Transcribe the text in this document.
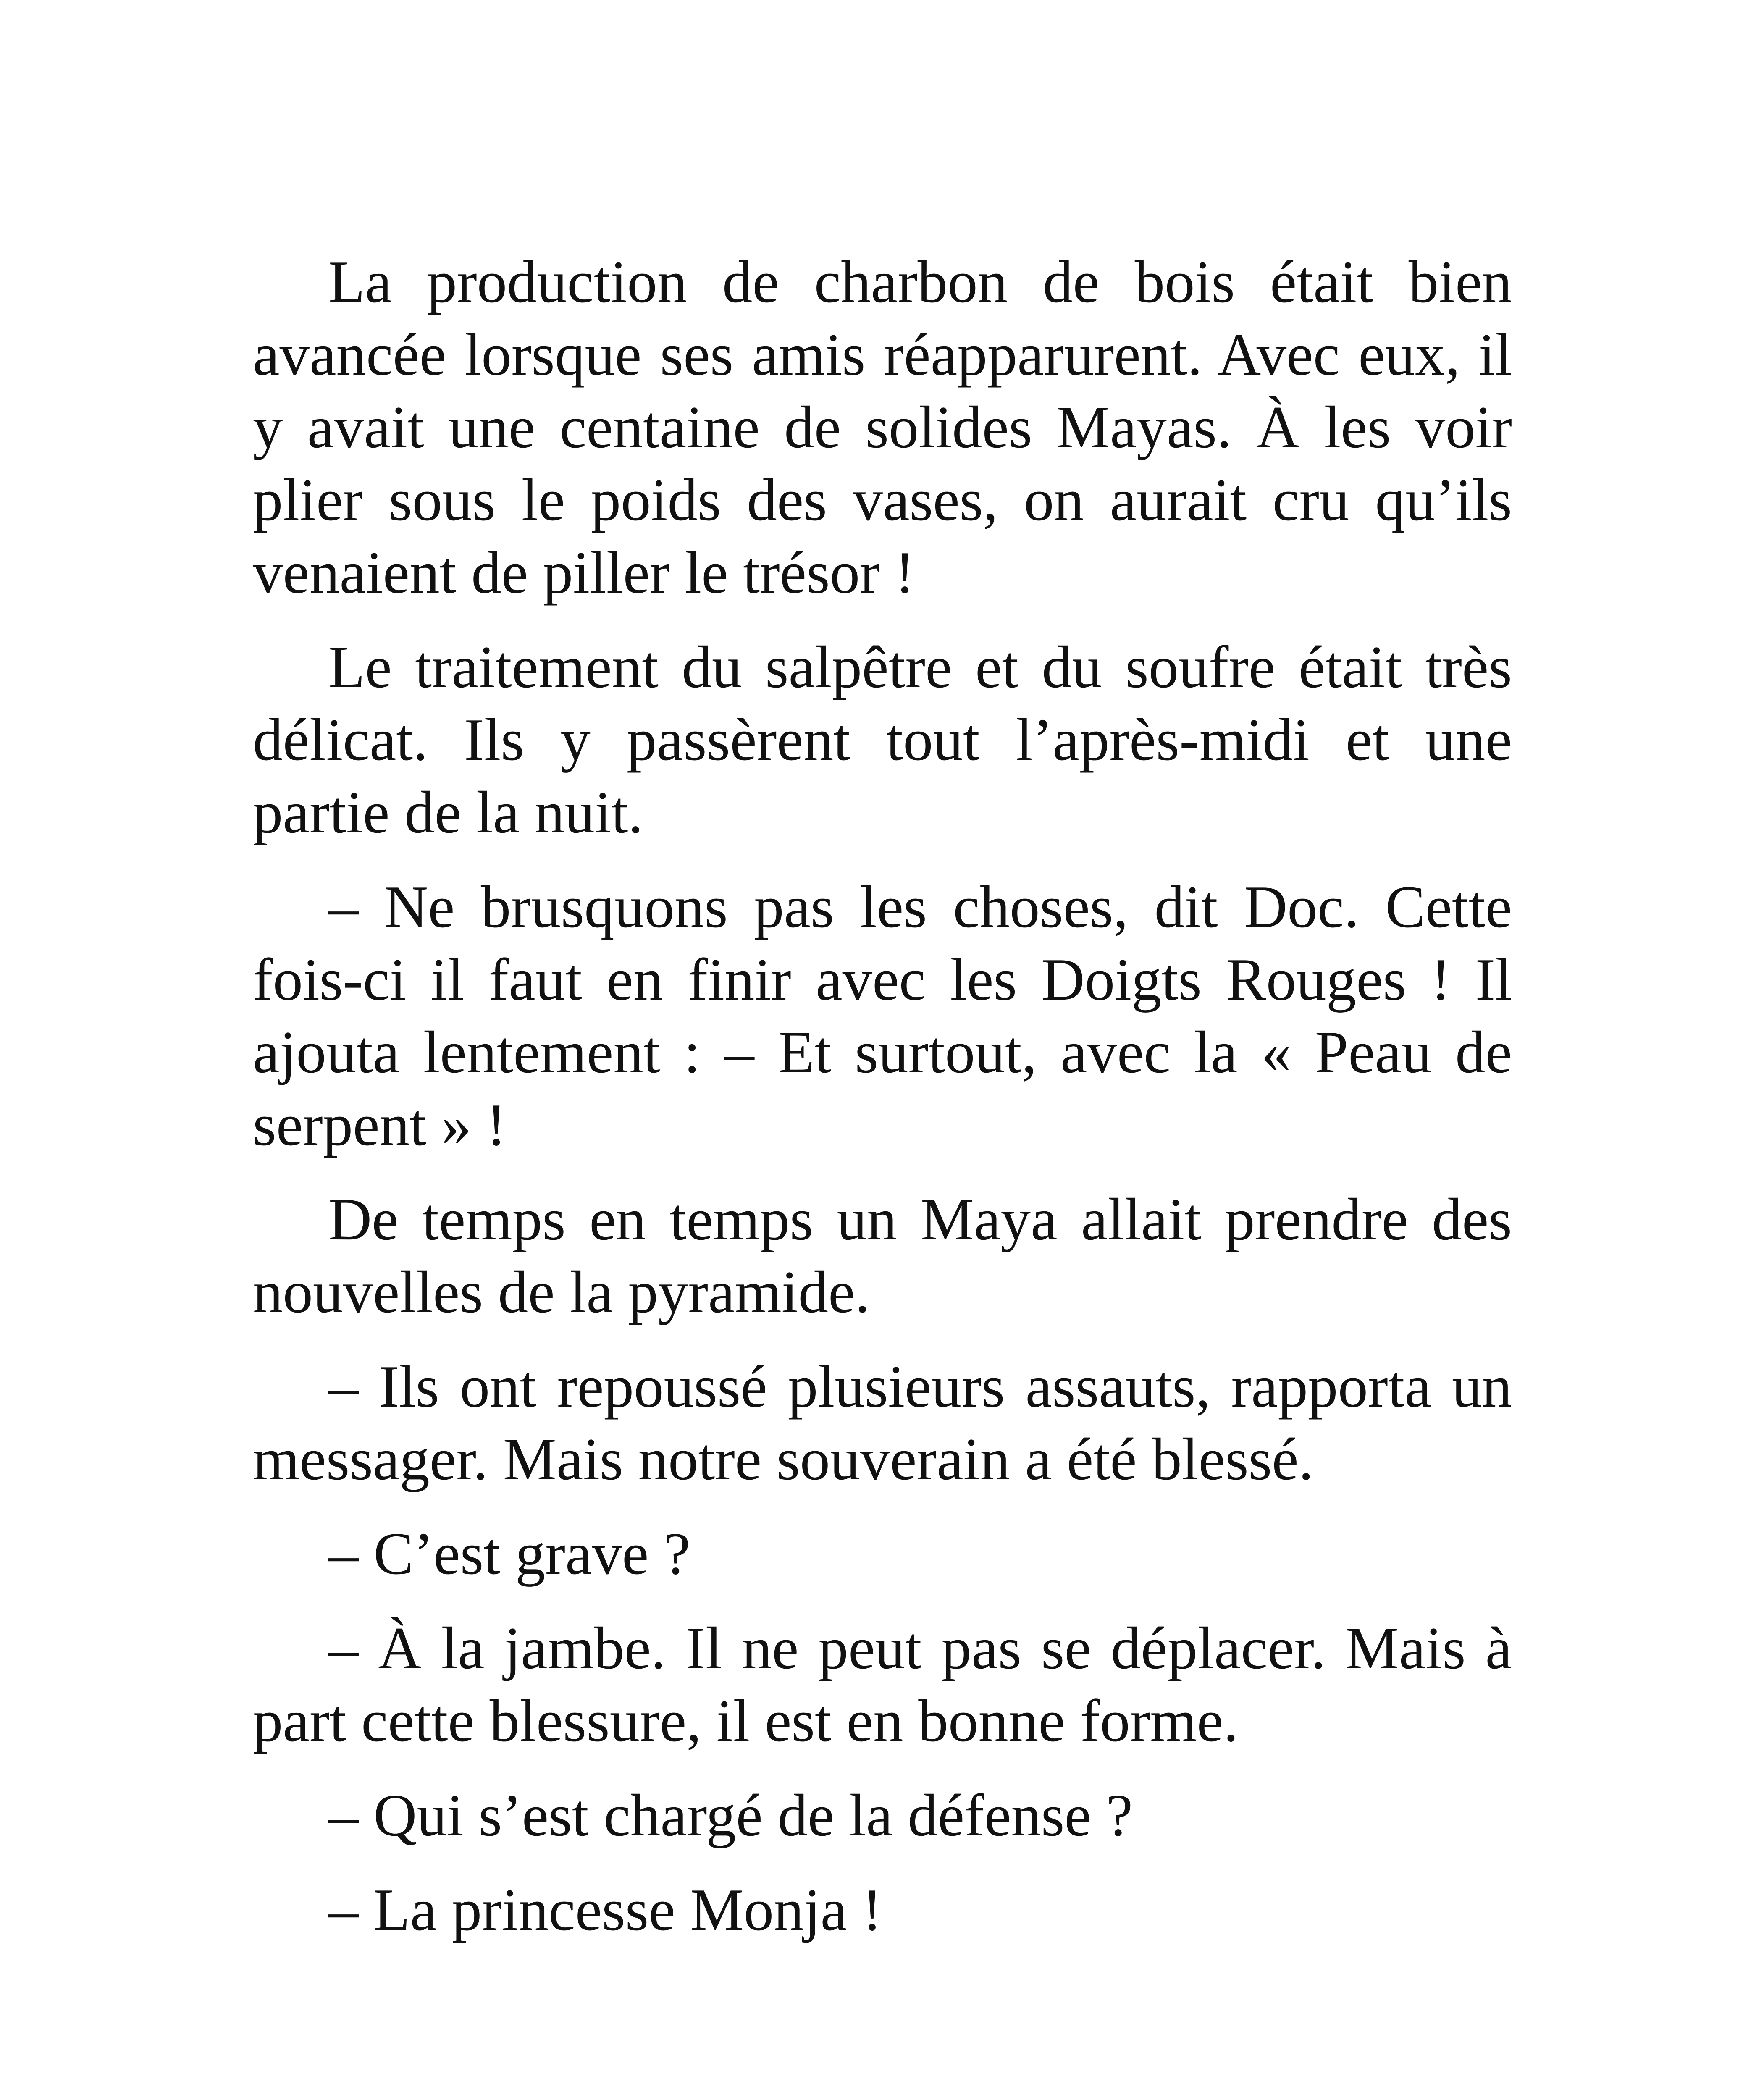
La production de charbon de bois était bien avancée lorsque ses amis réapparurent. Avec eux, il y avait une centaine de solides Mayas. À les voir plier sous le poids des vases, on aurait cru qu’ils venaient de piller le trésor !

Le traitement du salpêtre et du soufre était très délicat. Ils y passèrent tout l’après-midi et une partie de la nuit.

– Ne brusquons pas les choses, dit Doc. Cette fois-ci il faut en finir avec les Doigts Rouges ! Il ajouta lentement : – Et surtout, avec la « Peau de serpent » !

De temps en temps un Maya allait prendre des nouvelles de la pyramide.

– Ils ont repoussé plusieurs assauts, rapporta un messager. Mais notre souverain a été blessé.

– C’est grave ?

– À la jambe. Il ne peut pas se déplacer. Mais à part cette blessure, il est en bonne forme.

– Qui s’est chargé de la défense ?

– La princesse Monja !
